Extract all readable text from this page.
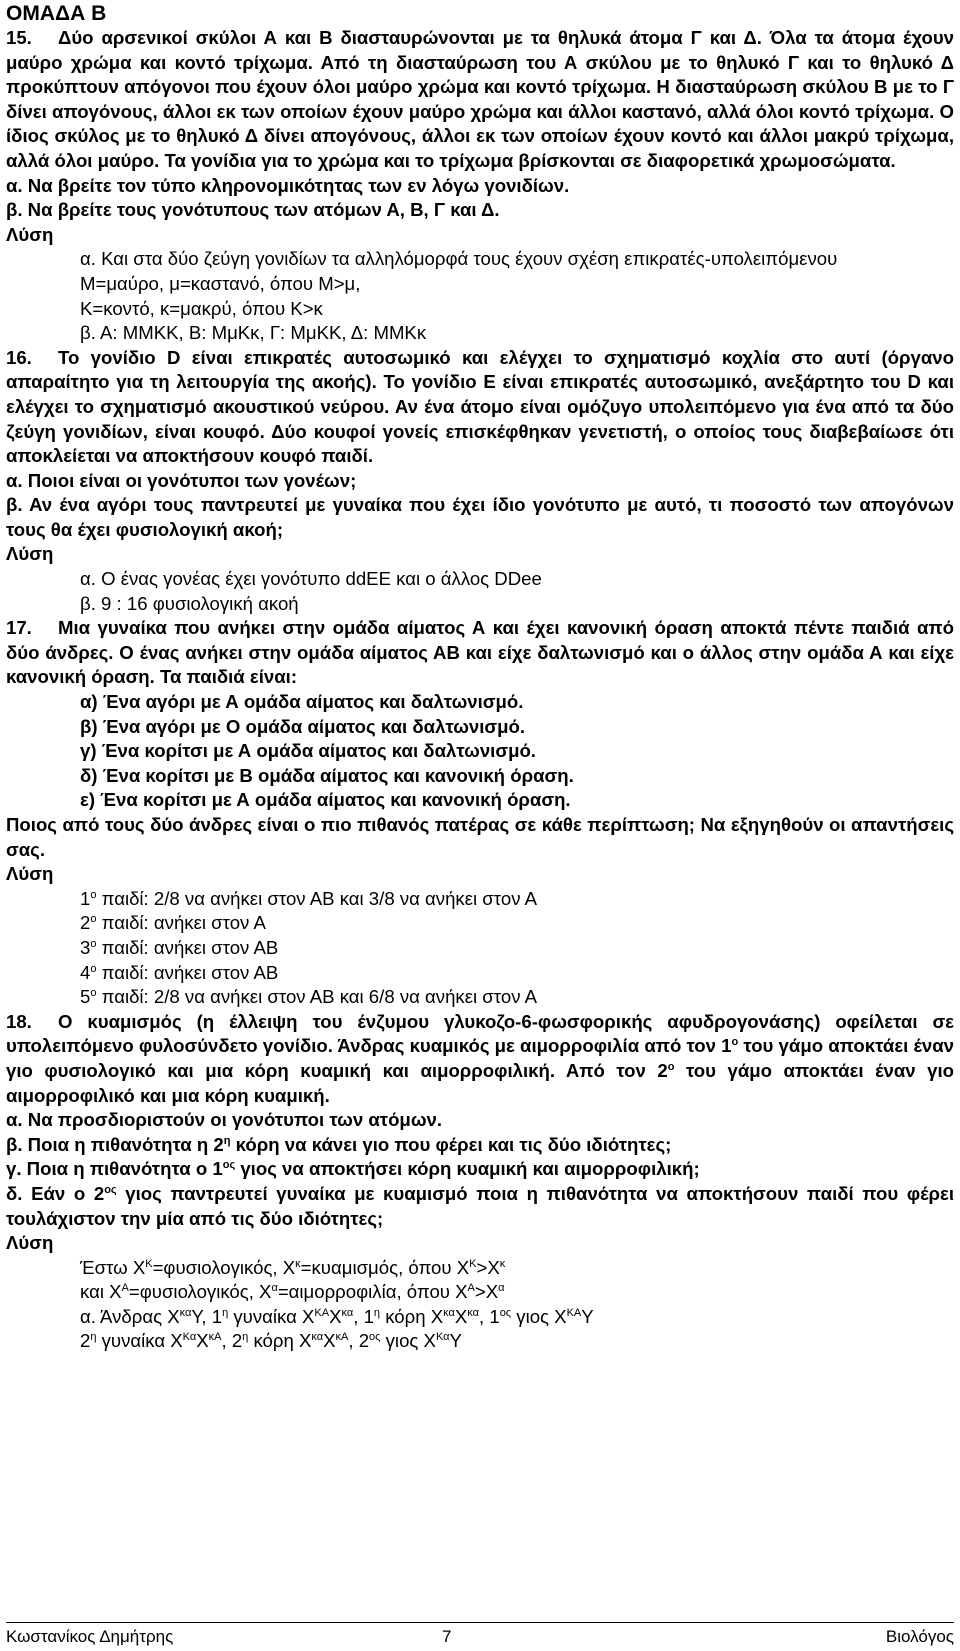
ΟΜΑΔΑ Β

15. Δύο αρσενικοί σκύλοι Α και Β διασταυρώνονται με τα θηλυκά άτομα Γ και Δ. Όλα τα άτομα έχουν μαύρο χρώμα και κοντό τρίχωμα. Από τη διασταύρωση του Α σκύλου με το θηλυκό Γ και το θηλυκό Δ προκύπτουν απόγονοι που έχουν όλοι μαύρο χρώμα και κοντό τρίχωμα. Η διασταύρωση σκύλου Β με το Γ δίνει απογόνους, άλλοι εκ των οποίων έχουν μαύρο χρώμα και άλλοι καστανό, αλλά όλοι κοντό τρίχωμα. Ο ίδιος σκύλος με το θηλυκό Δ δίνει απογόνους, άλλοι εκ των οποίων έχουν κοντό και άλλοι μακρύ τρίχωμα, αλλά όλοι μαύρο. Τα γονίδια για το χρώμα και το τρίχωμα βρίσκονται σε διαφορετικά χρωμοσώματα.

α. Να βρείτε τον τύπο κληρονομικότητας των εν λόγω γονιδίων.

β. Να βρείτε τους γονότυπους των ατόμων Α, Β, Γ και Δ.

Λύση

α. Και στα δύο ζεύγη γονιδίων τα αλληλόμορφά τους έχουν σχέση επικρατές-υπολειπόμενου

Μ=μαύρο, μ=καστανό, όπου Μ>μ,

Κ=κοντό, κ=μακρύ, όπου Κ>κ

β. Α: ΜΜΚΚ, Β: ΜμΚκ, Γ: ΜμΚΚ, Δ: ΜΜΚκ

16. Το γονίδιο D είναι επικρατές αυτοσωμικό και ελέγχει το σχηματισμό κοχλία στο αυτί (όργανο απαραίτητο για τη λειτουργία της ακοής). Το γονίδιο Ε είναι επικρατές αυτοσωμικό, ανεξάρτητο του D και ελέγχει το σχηματισμό ακουστικού νεύρου. Αν ένα άτομο είναι ομόζυγο υπολειπόμενο για ένα από τα δύο ζεύγη γονιδίων, είναι κουφό. Δύο κουφοί γονείς επισκέφθηκαν γενετιστή, ο οποίος τους διαβεβαίωσε ότι αποκλείεται να αποκτήσουν κουφό παιδί.

α. Ποιοι είναι οι γονότυποι των γονέων;

β. Αν ένα αγόρι τους παντρευτεί με γυναίκα που έχει ίδιο γονότυπο με αυτό, τι ποσοστό των απογόνων τους θα έχει φυσιολογική ακοή;

Λύση

α. Ο ένας γονέας έχει γονότυπο ddEE και ο άλλος DDee

β. 9 : 16 φυσιολογική ακοή

17. Μια γυναίκα που ανήκει στην ομάδα αίματος Α και έχει κανονική όραση αποκτά πέντε παιδιά από δύο άνδρες. Ο ένας ανήκει στην ομάδα αίματος ΑΒ και είχε δαλτωνισμό και ο άλλος στην ομάδα Α και είχε κανονική όραση. Τα παιδιά είναι:

α) Ένα αγόρι με Α ομάδα αίματος και δαλτωνισμό.

β) Ένα αγόρι με Ο ομάδα αίματος και δαλτωνισμό.

γ) Ένα κορίτσι με Α ομάδα αίματος και δαλτωνισμό.

δ) Ένα κορίτσι με Β ομάδα αίματος και κανονική όραση.

ε) Ένα κορίτσι με Α ομάδα αίματος και κανονική όραση.

Ποιος από τους δύο άνδρες είναι ο πιο πιθανός πατέρας σε κάθε περίπτωση; Να εξηγηθούν οι απαντήσεις σας.

Λύση

$1^o$ παιδί: 2/8 να ανήκει στον ΑΒ και 3/8 να ανήκει στον Α

$2^o$ παιδί: ανήκει στον Α

$3^o$ παιδί: ανήκει στον ΑΒ

$4^o$ παιδί: ανήκει στον ΑΒ

$5^o$ παιδί: 2/8 να ανήκει στον ΑΒ και 6/8 να ανήκει στον Α

18. Ο κυαμισμός (η έλλειψη του ένζυμου γλυκοζο-6-φωσφορικής αφυδρογονάσης) οφείλεται σε υπολειπόμενο φυλοσύνδετο γονίδιο. Άνδρας κυαμικός με αιμορροφιλία από τον $1^o$ του γάμο αποκτάει έναν γιο φυσιολογικό και μια κόρη κυαμική και αιμορροφιλική. Από τον $2^o$ του γάμο αποκτάει έναν γιο αιμορροφιλικό και μια κόρη κυαμική.

α. Να προσδιοριστούν οι γονότυποι των ατόμων.

β. Ποια η πιθανότητα η $2^\eta$ κόρη να κάνει γιο που φέρει και τις δύο ιδιότητες;

γ. Ποια η πιθανότητα ο $1^{o\varsigma}$ γιος να αποκτήσει κόρη κυαμική και αιμορροφιλική;

δ. Εάν ο $2^{o\varsigma}$ γιος παντρευτεί γυναίκα με κυαμισμό ποια η πιθανότητα να αποκτήσουν παιδί που φέρει τουλάχιστον την μία από τις δύο ιδιότητες;

Λύση

Έστω $X^K=\varphi\upsilon\sigma\iota o\lambda o\gamma\iota\kappa ό\varsigma$, $X^\kappa=\kappa\upsilon\alpha\mu\iota\sigma\mu ό\varsigma$, όπου $X^K>X^\kappa$

και $X^A=\varphi\upsilon\sigma\iota o\lambda o\gamma\iota\kappa ό\varsigma$, $X^\alpha=\alpha\iota\mu o\rho\rho o\varphi\iota\lambda ί\alpha$, όπου $X^A>X^\alpha$

α. Άνδρας $X^{\kappa\alpha}\Upsilon$, $1^\eta$ γυναίκα $X^{KA}X^{\kappa\alpha}$, $1^\eta$ κόρη $X^{\kappa\alpha}X^{\kappa\alpha}$, $1^{o\varsigma}$ γιος $X^{KA}\Upsilon$

$2^\eta$ γυναίκα $X^{K\alpha}X^{\kappa A}$, $2^\eta$ κόρη $X^{\kappa\alpha}X^{\kappa A}$, $2^{o\varsigma}$ γιος $X^{K\alpha}\Upsilon$

Κωστανίκος Δημήτρης	7	Βιολόγος
